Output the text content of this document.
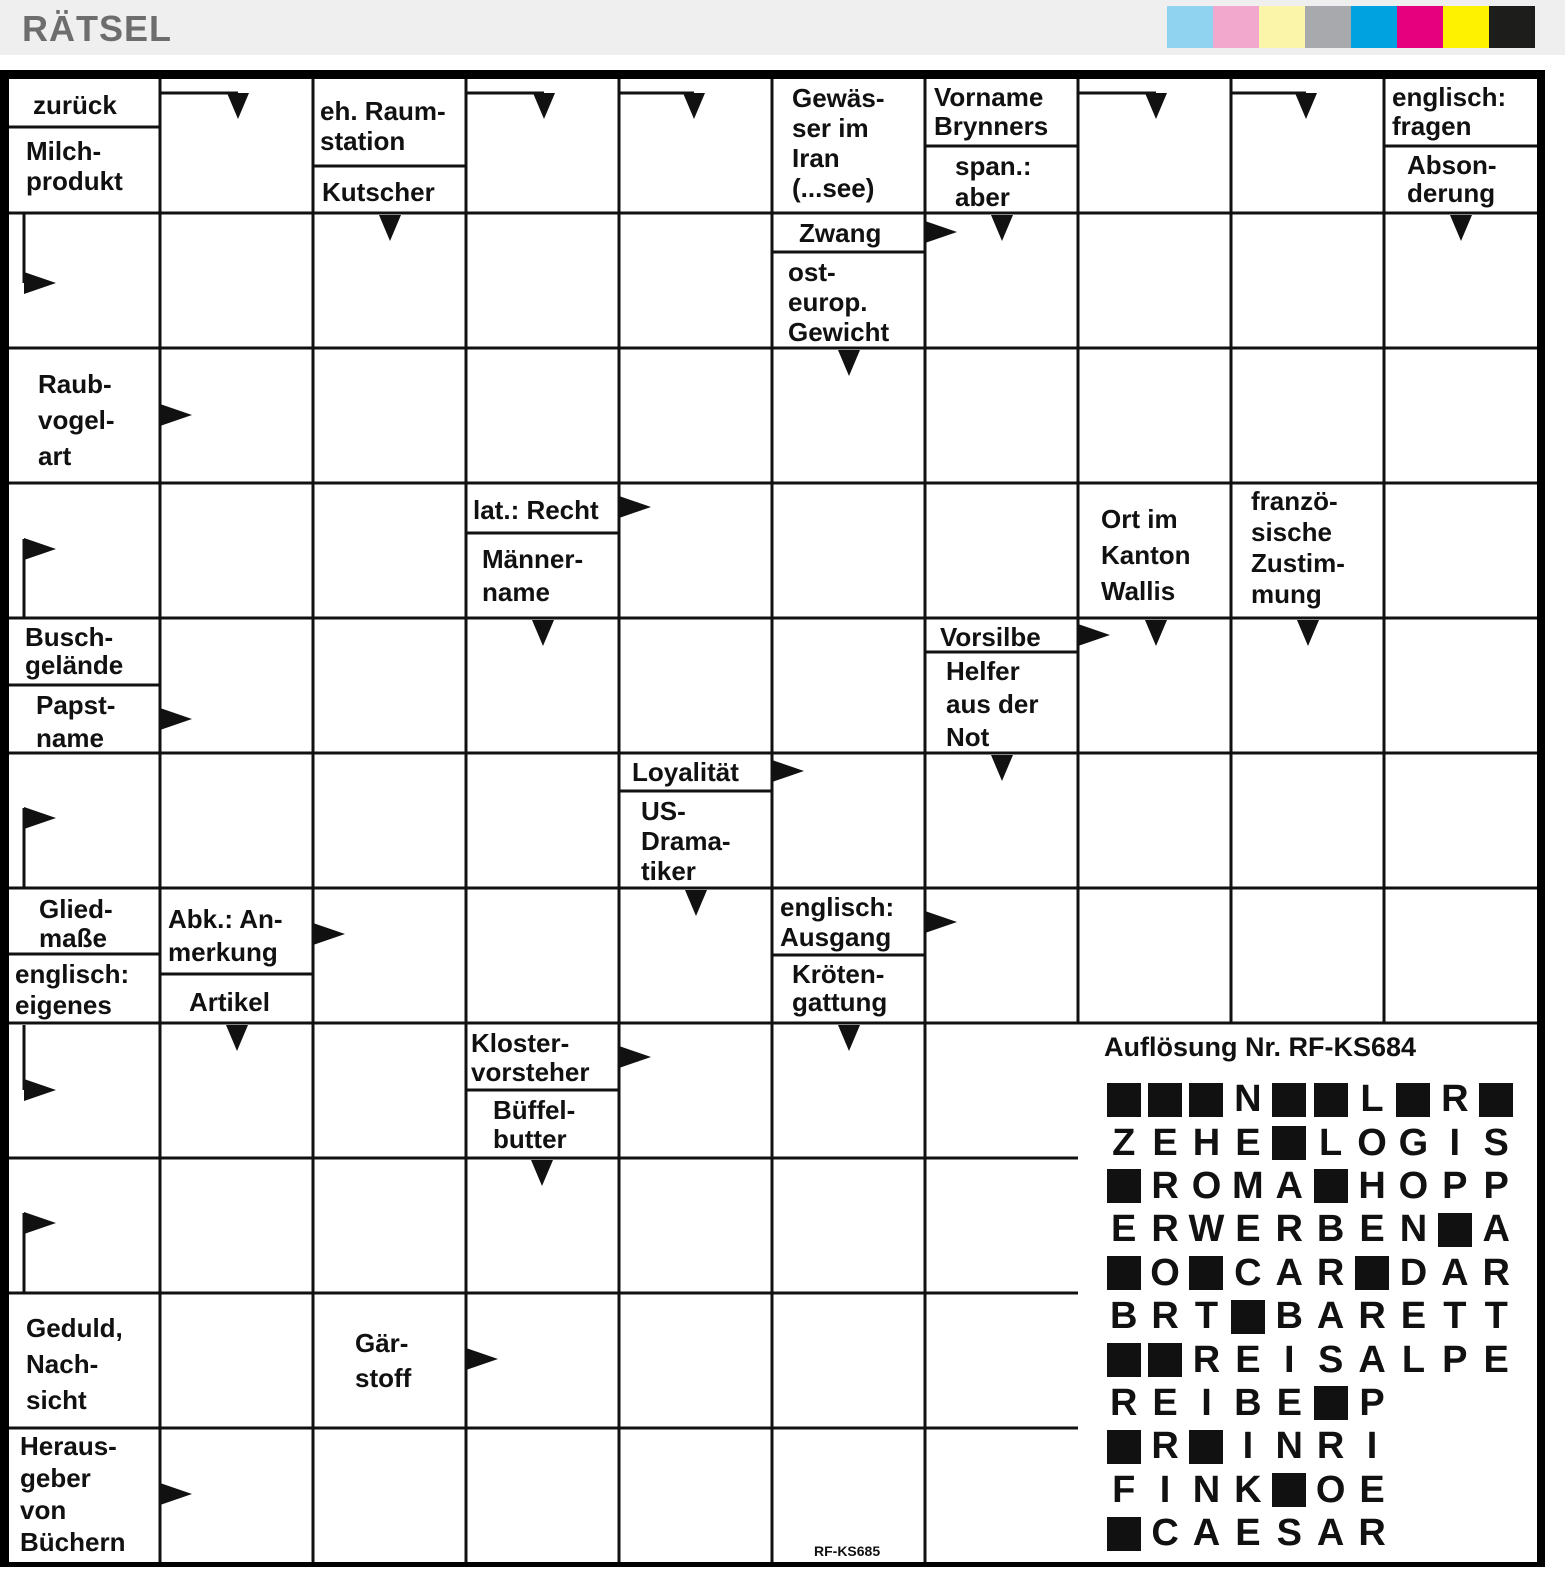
RÄTSEL
zurück
Milch-
produkt
eh. Raum-
station
Kutscher
Gewäs-
ser im
Iran
(...see)
Vorname
Brynners
span.:
aber
englisch:
fragen
Abson-
derung
Zwang
ost-
europ.
Gewicht
Raub-
vogel-
art
lat.: Recht
Männer-
name
Ort im
Kanton
Wallis
franzö-
sische
Zustim-
mung
Busch-
gelände
Papst-
name
Vorsilbe
Helfer
aus der
Not
Loyalität
US-
Drama-
tiker
Glied-
maße
englisch:
eigenes
Abk.: An-
merkung
Artikel
englisch:
Ausgang
Kröten-
gattung
Kloster-
vorsteher
Büffel-
butter
Geduld,
Nach-
sicht
Gär-
stoff
Heraus-
geber
von
Büchern
Auflösung Nr. RF-KS684
N	L R
Z E H E L O G I S
R O M A H O P P
E R W E R B E N A
O C A R D A R
B R T B A R E T T
R E I S A L P E
R E I B E P
R	I N R I
F I N K O E
C A E S A R
RF-KS685
